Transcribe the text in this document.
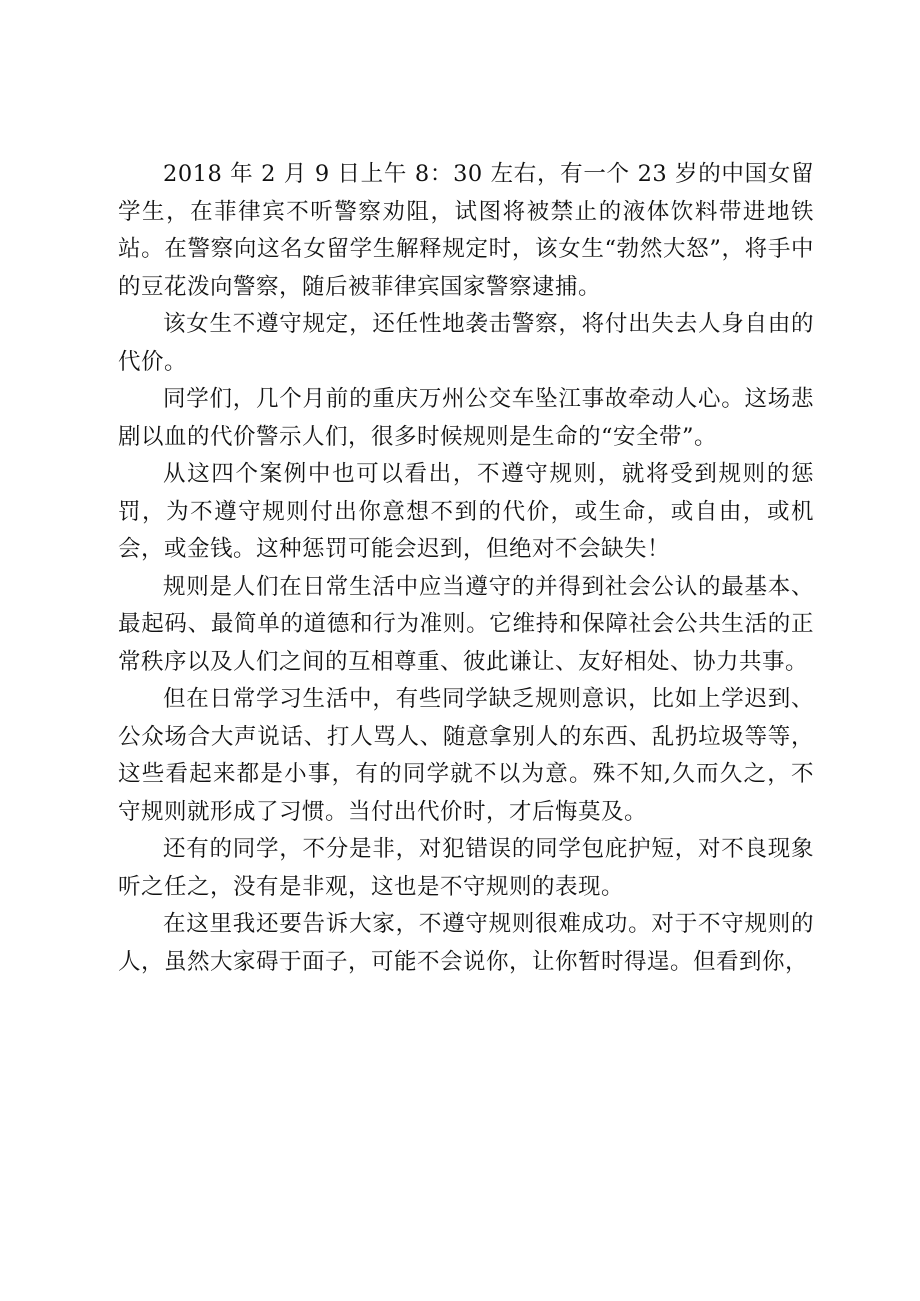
2018 年 2 月 9 日上午 8：30 左右，有一个 23 岁的中国女留学生，在菲律宾不听警察劝阻，试图将被禁止的液体饮料带进地铁站。在警察向这名女留学生解释规定时，该女生“勃然大怒”，将手中的豆花泼向警察，随后被菲律宾国家警察逮捕。

该女生不遵守规定，还任性地袭击警察，将付出失去人身自由的代价。

同学们，几个月前的重庆万州公交车坠江事故牵动人心。这场悲剧以血的代价警示人们，很多时候规则是生命的“安全带”。

从这四个案例中也可以看出，不遵守规则，就将受到规则的惩罚，为不遵守规则付出你意想不到的代价，或生命，或自由，或机会，或金钱。这种惩罚可能会迟到，但绝对不会缺失！

规则是人们在日常生活中应当遵守的并得到社会公认的最基本、最起码、最简单的道德和行为准则。它维持和保障社会公共生活的正常秩序以及人们之间的互相尊重、彼此谦让、友好相处、协力共事。

但在日常学习生活中，有些同学缺乏规则意识，比如上学迟到、公众场合大声说话、打人骂人、随意拿别人的东西、乱扔垃圾等等，这些看起来都是小事，有的同学就不以为意。殊不知,久而久之，不守规则就形成了习惯。当付出代价时，才后悔莫及。

还有的同学，不分是非，对犯错误的同学包庇护短，对不良现象听之任之，没有是非观，这也是不守规则的表现。

在这里我还要告诉大家，不遵守规则很难成功。对于不守规则的人，虽然大家碍于面子，可能不会说你，让你暂时得逞。但看到你，
